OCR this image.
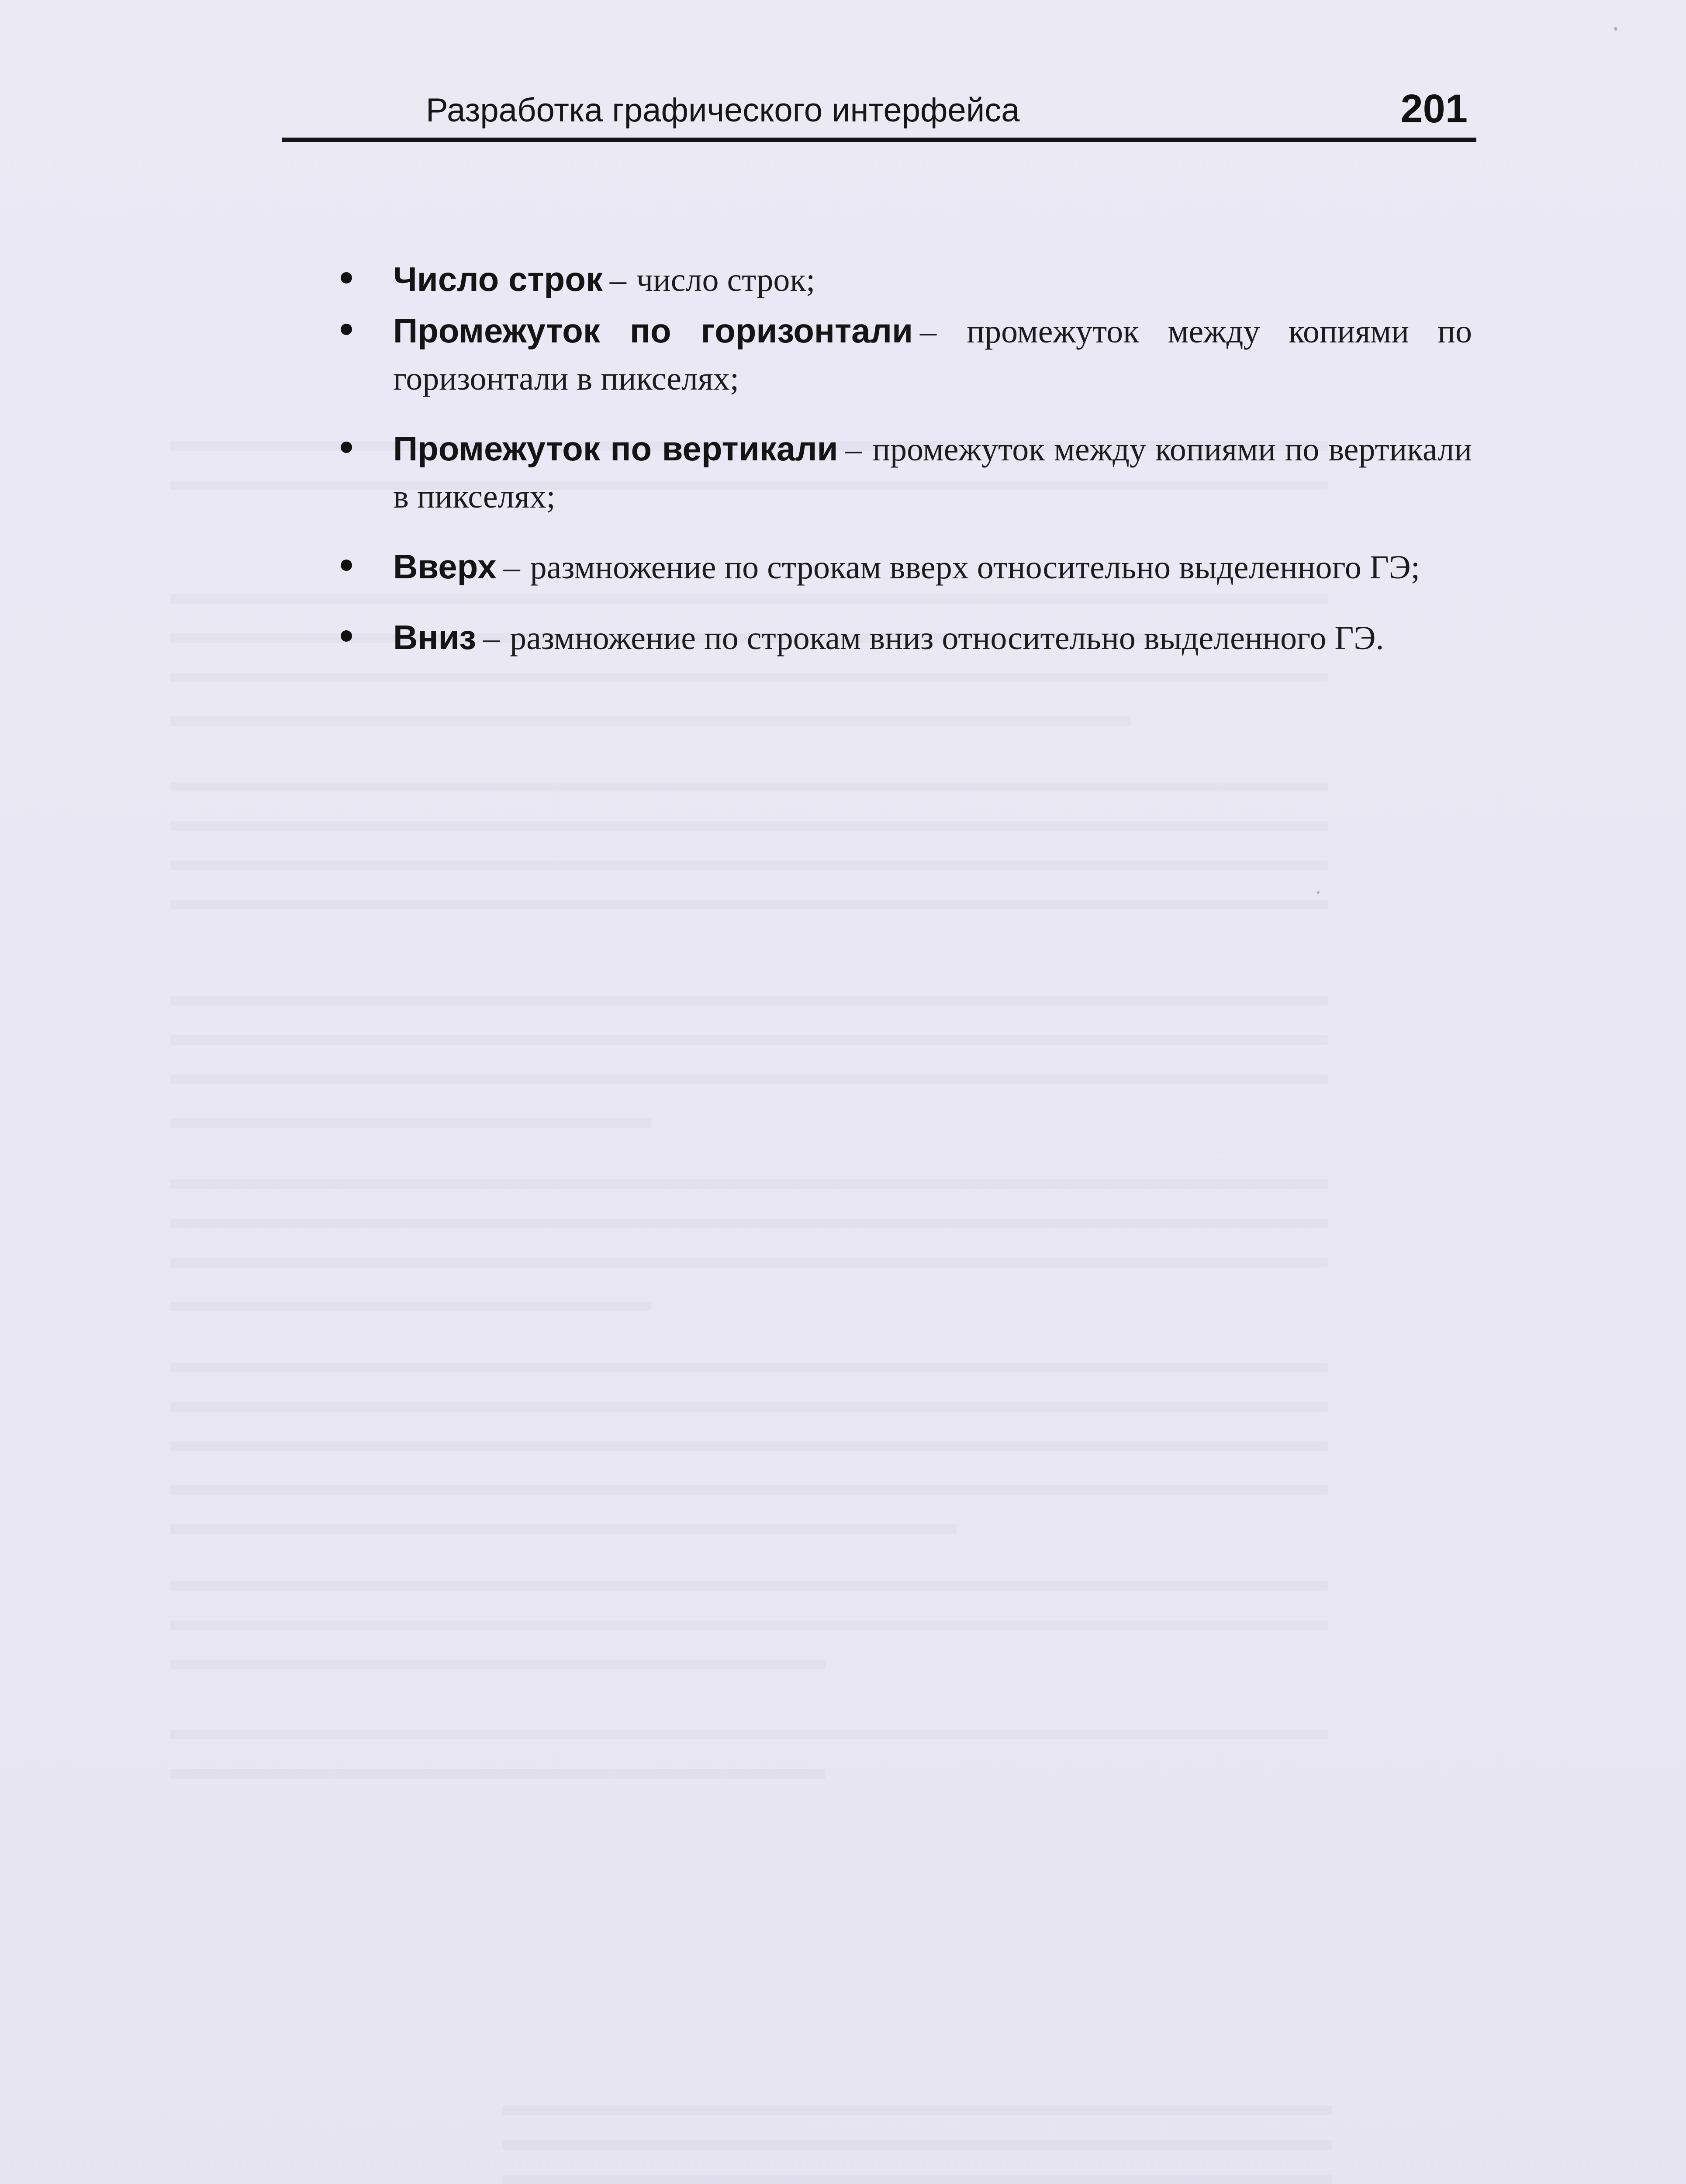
Разработка графического интерфейса	201
Число строк – число строк;
Промежуток по горизонтали – промежуток между копиями по горизонтали в пикселях;
Промежуток по вертикали – промежуток между копиями по вертикали в пикселях;
Вверх – размножение по строкам вверх относительно выделенного ГЭ;
Вниз – размножение по строкам вниз относительно выделенного ГЭ.
